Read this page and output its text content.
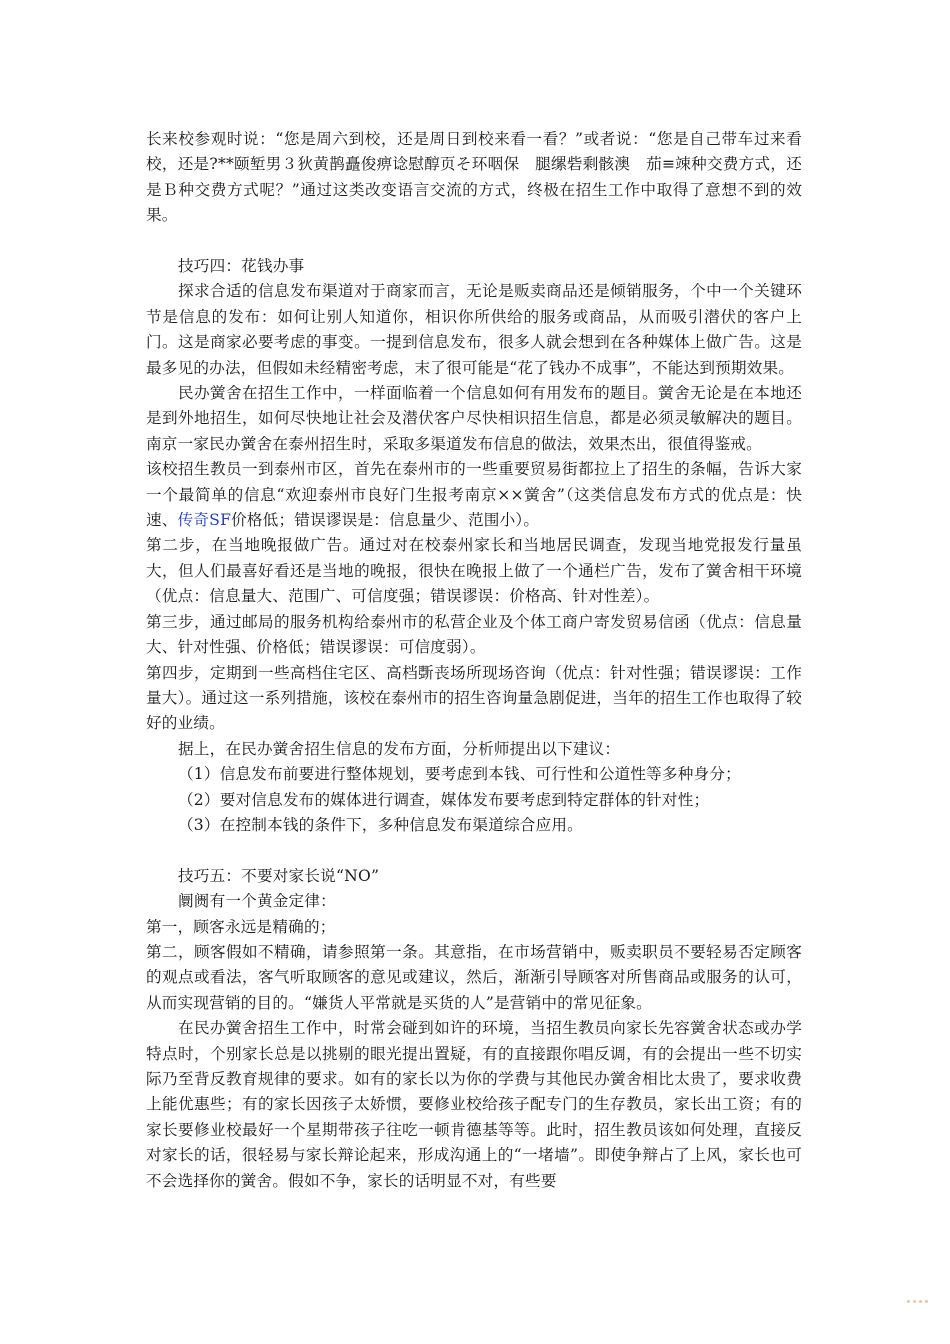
长来校参观时说：“您是周六到校，还是周日到校来看一看？”或者说：“您是自己带车过来看校，还是?**颐堑男３狄黄鹊矗俊痹谂慰醇页そ环咽保　腿缧砦剩骸澳　茄≡竦种交费方式，还是Ｂ种交费方式呢？”通过这类改变语言交流的方式，终极在招生工作中取得了意想不到的效果。

技巧四：花钱办事

探求合适的信息发布渠道对于商家而言，无论是贩卖商品还是倾销服务，个中一个关键环节是信息的发布：如何让别人知道你，相识你所供给的服务或商品，从而吸引潜伏的客户上门。这是商家必要考虑的事变。一提到信息发布，很多人就会想到在各种媒体上做广告。这是最多见的办法，但假如未经精密考虑，末了很可能是“花了钱办不成事”，不能达到预期效果。

民办黉舍在招生工作中，一样面临着一个信息如何有用发布的题目。黉舍无论是在本地还是到外地招生，如何尽快地让社会及潜伏客户尽快相识招生信息，都是必须灵敏解决的题目。南京一家民办黉舍在泰州招生时，采取多渠道发布信息的做法，效果杰出，很值得鉴戒。

该校招生教员一到泰州市区，首先在泰州市的一些重要贸易街都拉上了招生的条幅，告诉大家一个最简单的信息“欢迎泰州市良好门生报考南京××黉舍”（这类信息发布方式的优点是：快速、传奇SF价格低；错误谬误是：信息量少、范围小）。

第二步，在当地晚报做广告。通过对在校泰州家长和当地居民调查，发现当地党报发行量虽大，但人们最喜好看还是当地的晚报，很快在晚报上做了一个通栏广告，发布了黉舍相干环境（优点：信息量大、范围广、可信度强；错误谬误：价格高、针对性差）。

第三步，通过邮局的服务机构给泰州市的私营企业及个体工商户寄发贸易信函（优点：信息量大、针对性强、价格低；错误谬误：可信度弱）。

第四步，定期到一些高档住宅区、高档斲丧场所现场咨询（优点：针对性强；错误谬误：工作量大）。通过这一系列措施，该校在泰州市的招生咨询量急剧促进，当年的招生工作也取得了较好的业绩。

据上，在民办黉舍招生信息的发布方面，分析师提出以下建议：

（1）信息发布前要进行整体规划，要考虑到本钱、可行性和公道性等多种身分；

（2）要对信息发布的媒体进行调查，媒体发布要考虑到特定群体的针对性；

（3）在控制本钱的条件下，多种信息发布渠道综合应用。

技巧五：不要对家长说“NO”

阛阓有一个黄金定律：

第一，顾客永远是精确的；

第二，顾客假如不精确，请参照第一条。其意指，在市场营销中，贩卖职员不要轻易否定顾客的观点或看法，客气听取顾客的意见或建议，然后，渐渐引导顾客对所售商品或服务的认可，从而实现营销的目的。“嫌货人平常就是买货的人”是营销中的常见征象。

在民办黉舍招生工作中，时常会碰到如许的环境，当招生教员向家长先容黉舍状态或办学特点时，个别家长总是以挑剔的眼光提出置疑，有的直接跟你唱反调，有的会提出一些不切实际乃至背反教育规律的要求。如有的家长以为你的学费与其他民办黉舍相比太贵了，要求收费上能优惠些；有的家长因孩子太娇惯，要修业校给孩子配专门的生存教员，家长出工资；有的家长要修业校最好一个星期带孩子往吃一顿肯德基等等。此时，招生教员该如何处理，直接反对家长的话，很轻易与家长辩论起来，形成沟通上的“一堵墙”。即使争辩占了上风，家长也可不会选择你的黉舍。假如不争，家长的话明显不对，有些要
